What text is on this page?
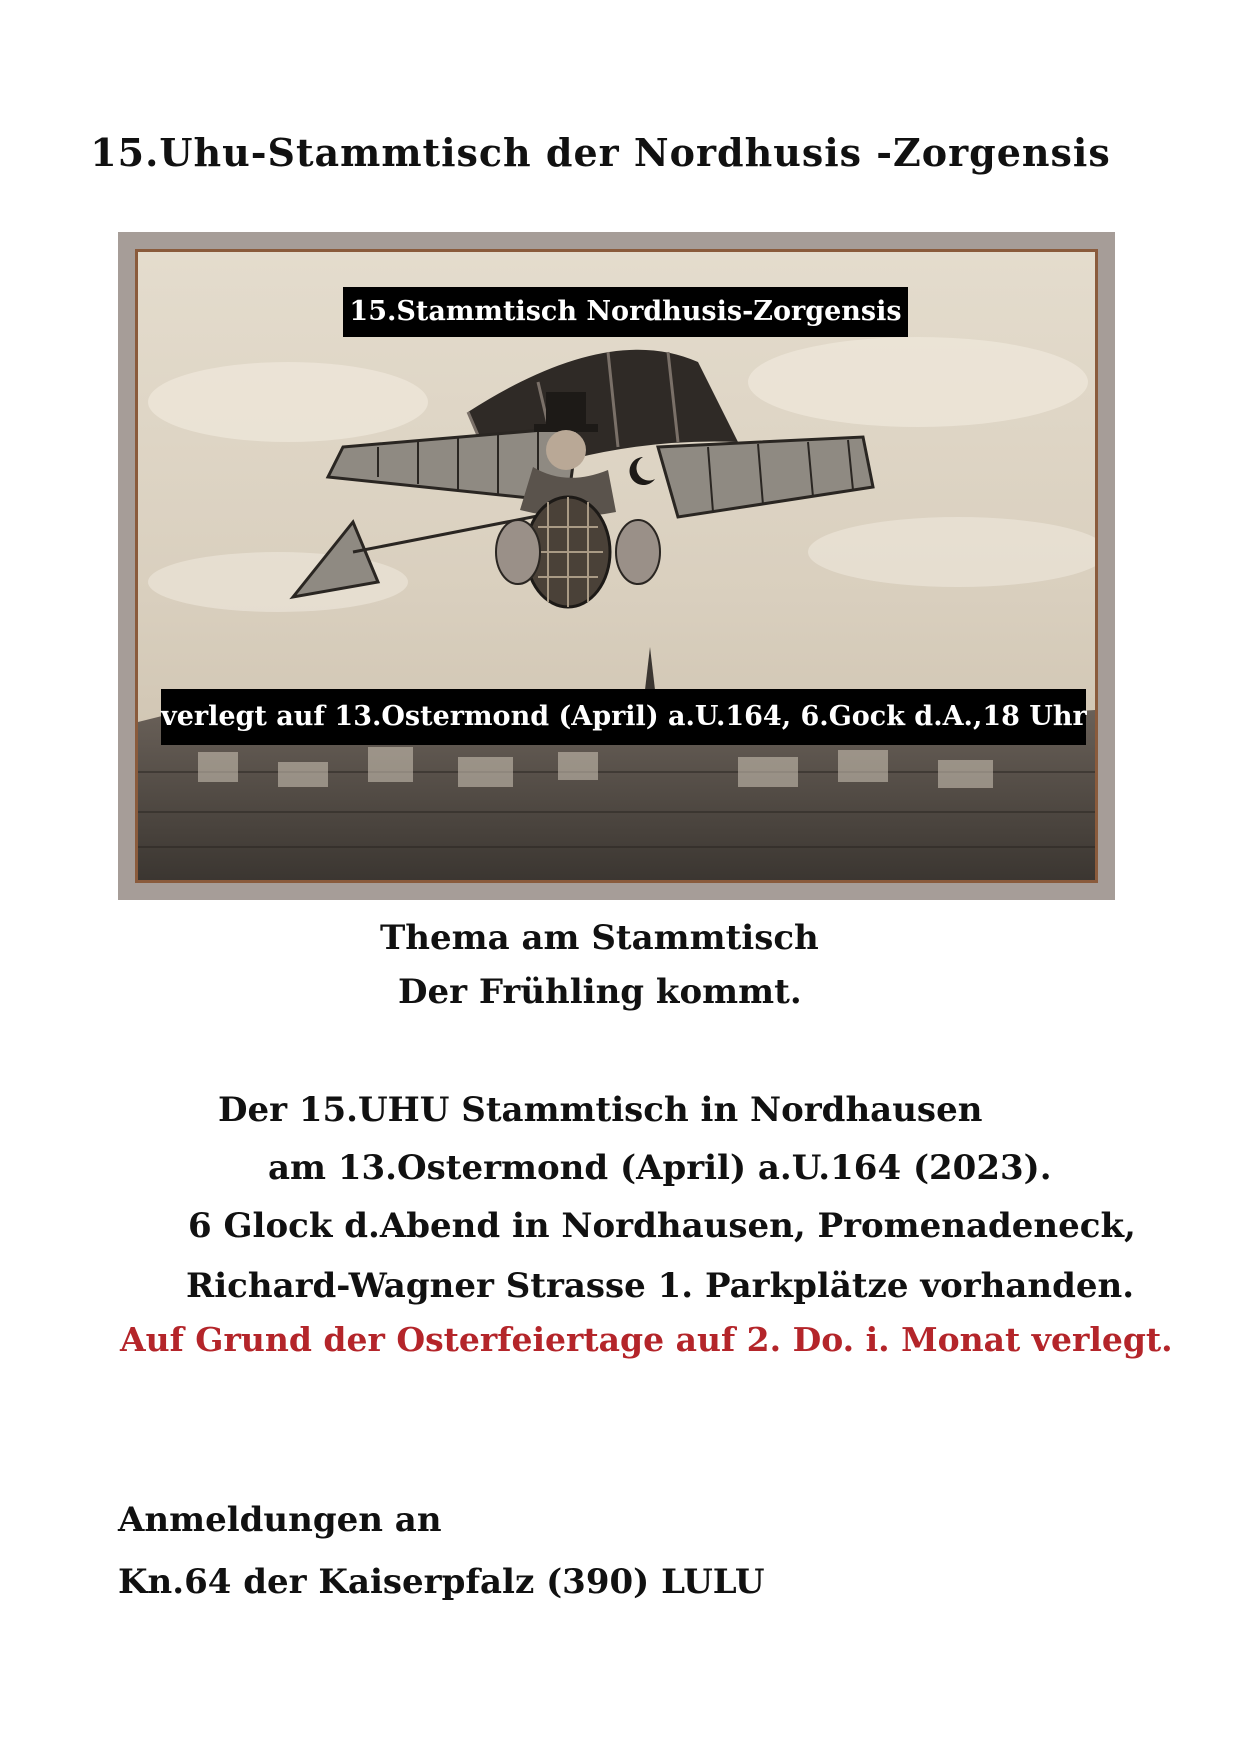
15.Uhu-Stammtisch der Nordhusis -Zorgensis
15.Stammtisch Nordhusis-Zorgensis
verlegt auf 13.Ostermond (April) a.U.164, 6.Gock d.A.,18 Uhr
Thema am Stammtisch
Der Frühling kommt.
Der 15.UHU Stammtisch in Nordhausen
am 13.Ostermond (April) a.U.164 (2023).
6 Glock d.Abend in Nordhausen, Promenadeneck,
Richard-Wagner Strasse 1. Parkplätze vorhanden.
Auf Grund der Osterfeiertage auf 2. Do. i. Monat verlegt.
Anmeldungen an
Kn.64 der Kaiserpfalz (390) LULU
